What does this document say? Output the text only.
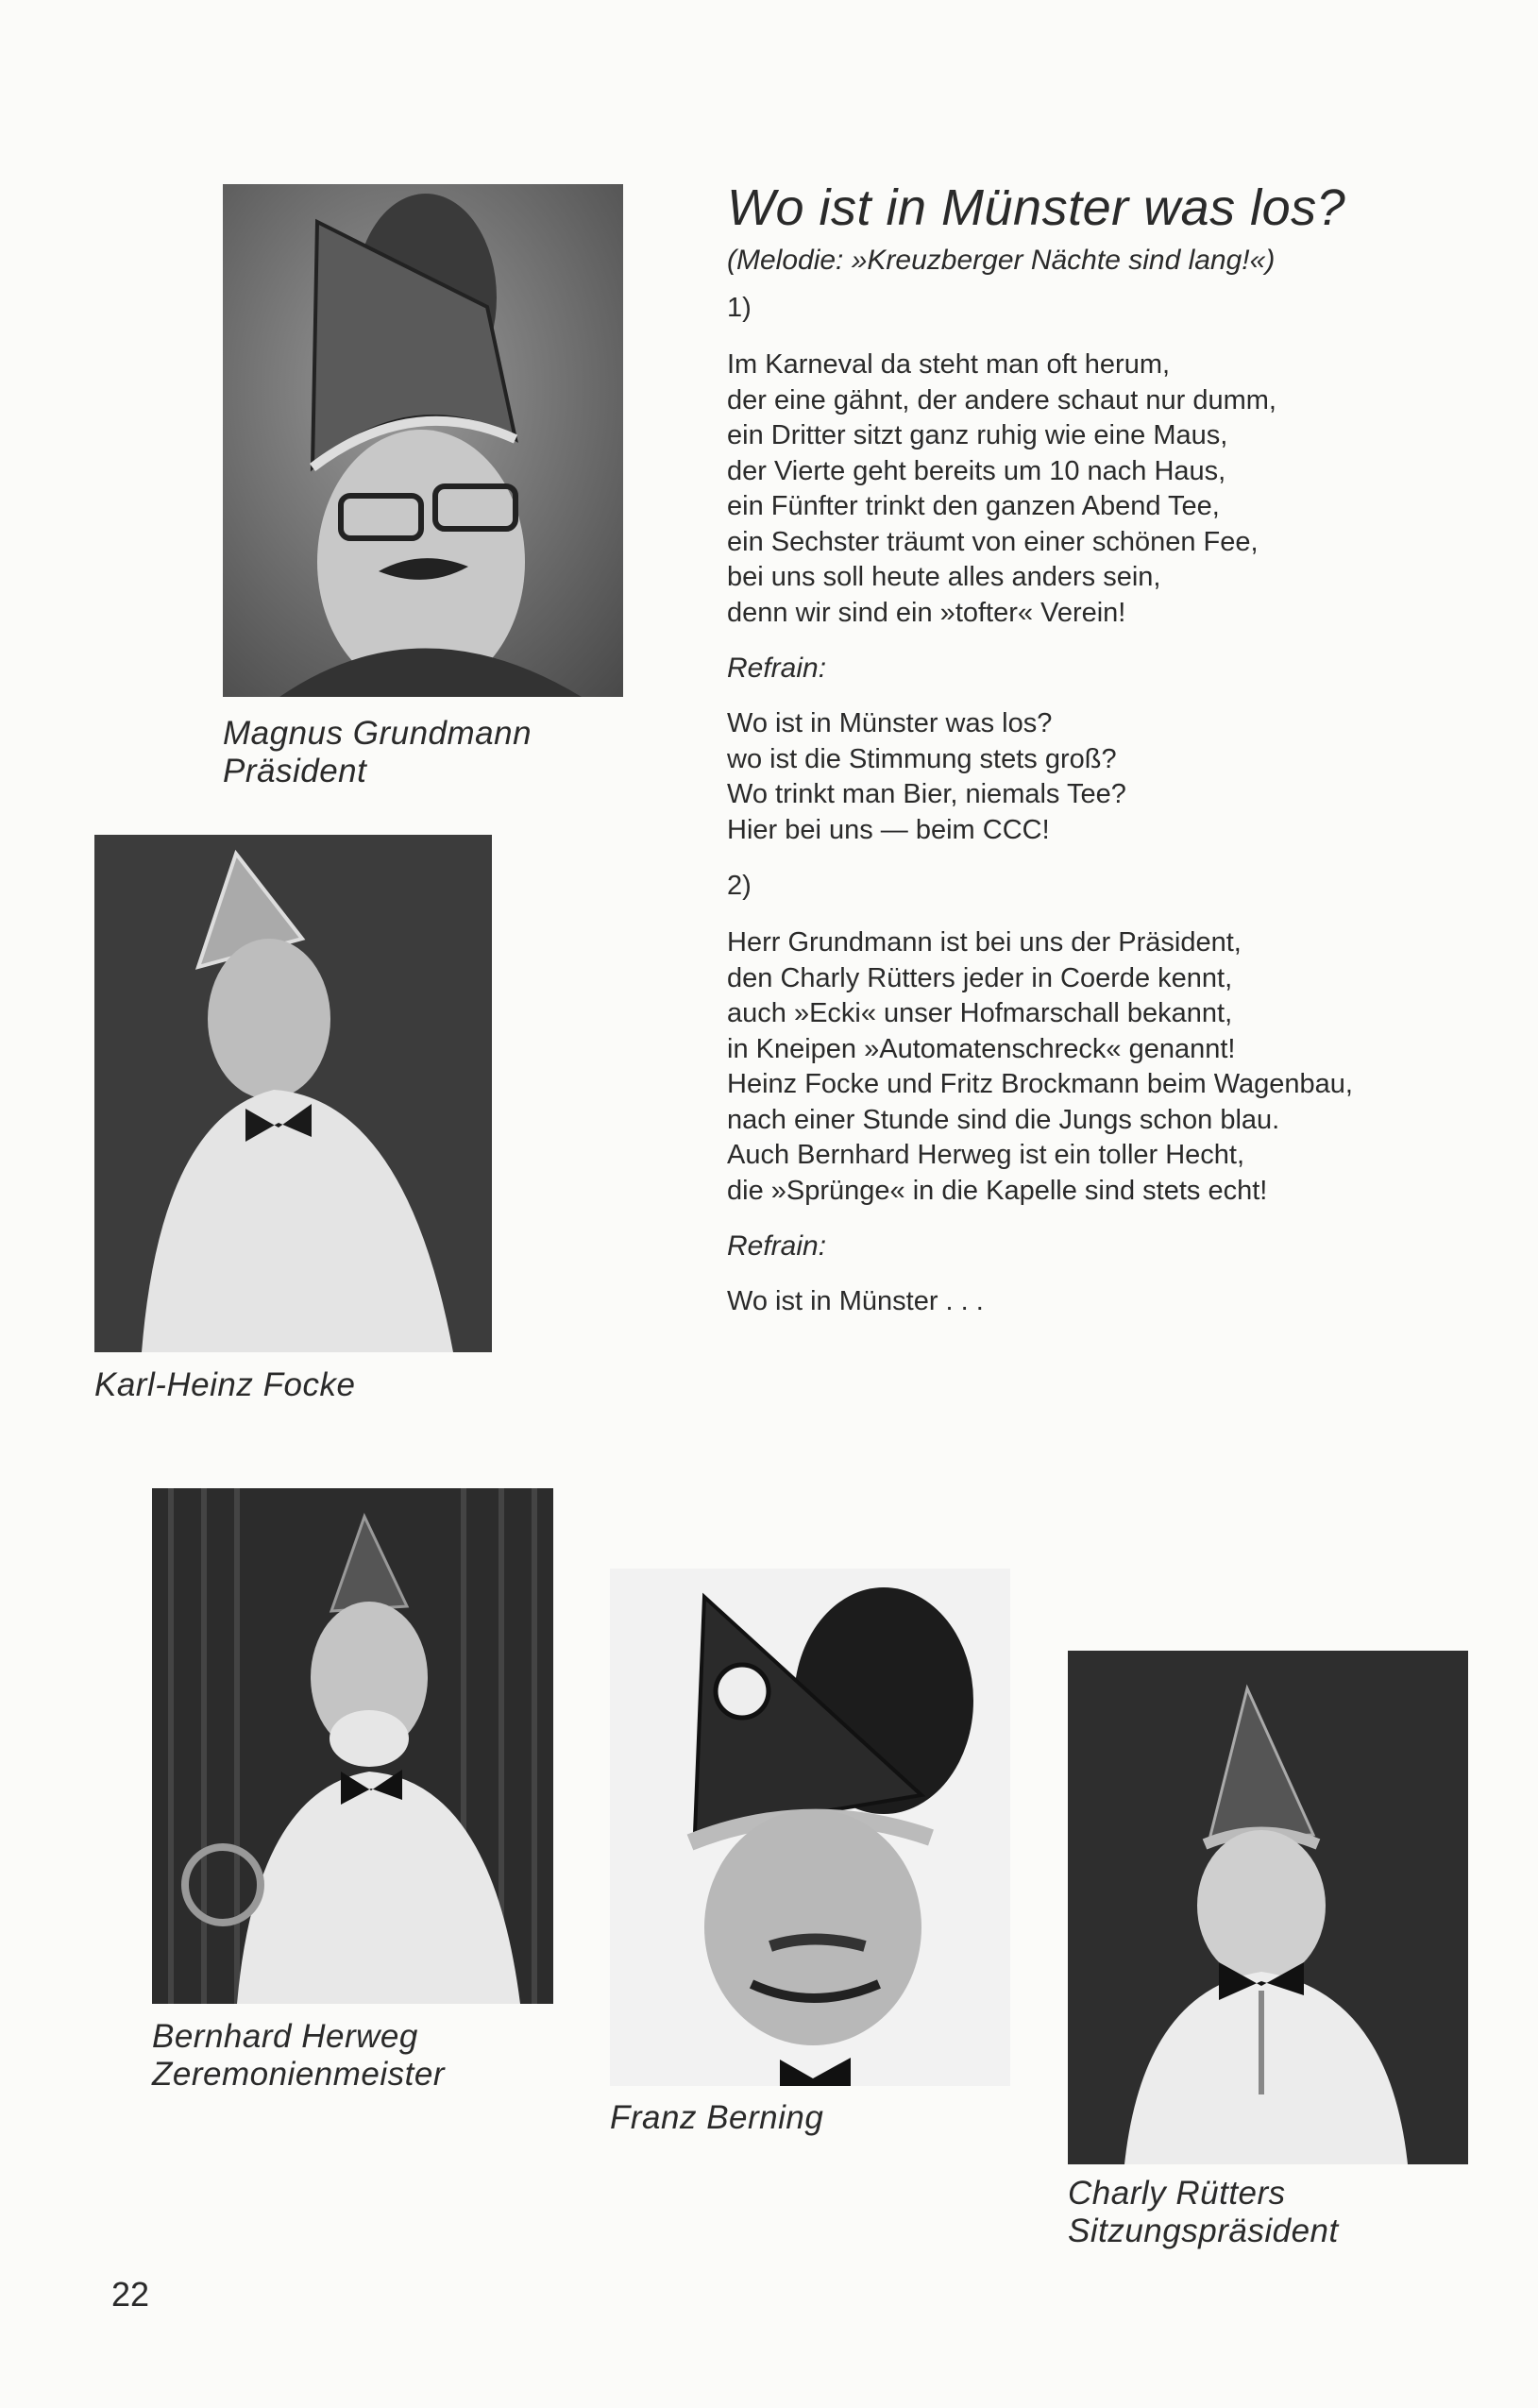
Magnus Grundmann
Präsident
Karl-Heinz Focke
Bernhard Herweg
Zeremonienmeister
Franz Berning
Charly Rütters
Sitzungspräsident
Wo ist in Münster was los?
(Melodie: »Kreuzberger Nächte sind lang!«)
1)
Im Karneval da steht man oft herum,
der eine gähnt, der andere schaut nur dumm,
ein Dritter sitzt ganz ruhig wie eine Maus,
der Vierte geht bereits um 10 nach Haus,
ein Fünfter trinkt den ganzen Abend Tee,
ein Sechster träumt von einer schönen Fee,
bei uns soll heute alles anders sein,
denn wir sind ein »tofter« Verein!
Refrain:
Wo ist in Münster was los?
wo ist die Stimmung stets groß?
Wo trinkt man Bier, niemals Tee?
Hier bei uns — beim CCC!
2)
Herr Grundmann ist bei uns der Präsident,
den Charly Rütters jeder in Coerde kennt,
auch »Ecki« unser Hofmarschall bekannt,
in Kneipen »Automatenschreck« genannt!
Heinz Focke und Fritz Brockmann beim Wagenbau,
nach einer Stunde sind die Jungs schon blau.
Auch Bernhard Herweg ist ein toller Hecht,
die »Sprünge« in die Kapelle sind stets echt!
Refrain:
Wo ist in Münster . . .
22
